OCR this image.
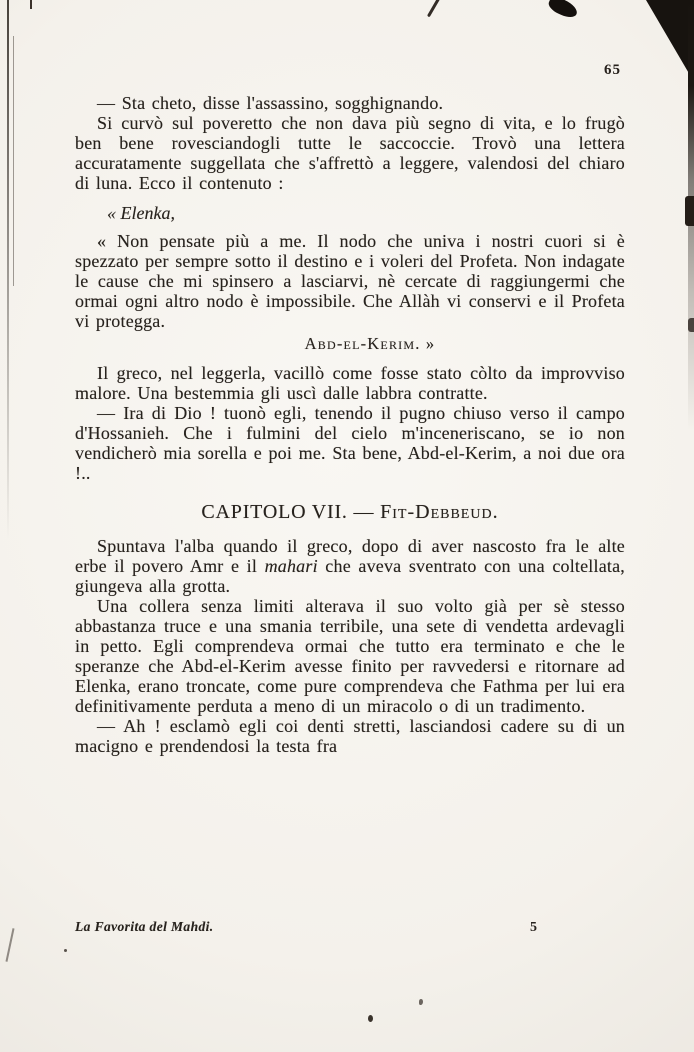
65

— Sta cheto, disse l'assassino, sogghignando.

Si curvò sul poveretto che non dava più segno di vita, e lo frugò ben bene rovesciandogli tutte le saccoccie. Trovò una lettera accuratamente suggellata che s'affrettò a leggere, valendosi del chiaro di luna. Ecco il contenuto :

« Elenka,

« Non pensate più a me. Il nodo che univa i nostri cuori si è spezzato per sempre sotto il destino e i voleri del Profeta. Non indagate le cause che mi spinsero a lasciarvi, nè cercate di raggiungermi che ormai ogni altro nodo è impossibile. Che Allàh vi conservi e il Profeta vi protegga.

Abd-el-Kerim. »

Il greco, nel leggerla, vacillò come fosse stato còlto da improvviso malore. Una bestemmia gli uscì dalle labbra contratte.

— Ira di Dio ! tuonò egli, tenendo il pugno chiuso verso il campo d'Hossanieh. Che i fulmini del cielo m'inceneriscano, se io non vendicherò mia sorella e poi me. Sta bene, Abd-el-Kerim, a noi due ora !..

CAPITOLO VII. — Fit-Debbeud.

Spuntava l'alba quando il greco, dopo di aver nascosto fra le alte erbe il povero Amr e il mahari che aveva sventrato con una coltellata, giungeva alla grotta.

Una collera senza limiti alterava il suo volto già per sè stesso abbastanza truce e una smania terribile, una sete di vendetta ardevagli in petto. Egli comprendeva ormai che tutto era terminato e che le speranze che Abd-el-Kerim avesse finito per ravvedersi e ritornare ad Elenka, erano troncate, come pure comprendeva che Fathma per lui era definitivamente perduta a meno di un miracolo o di un tradimento.

— Ah ! esclamò egli coi denti stretti, lasciandosi cadere su di un macigno e prendendosi la testa fra

La Favorita del Mahdi.	5
